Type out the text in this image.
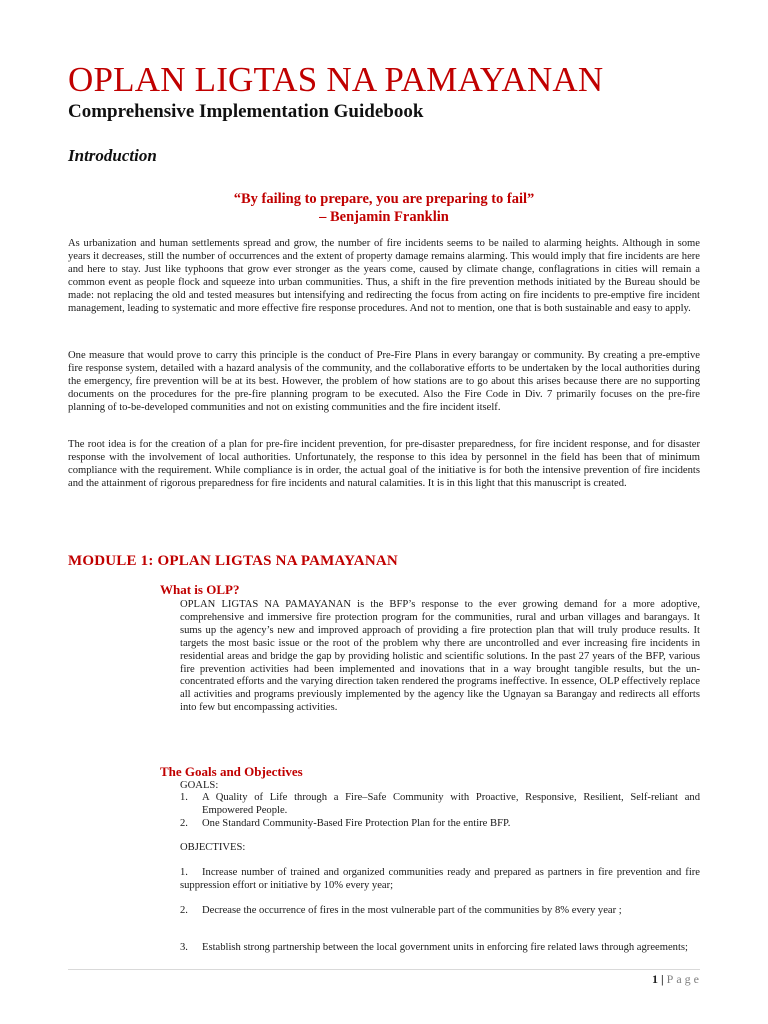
OPLAN LIGTAS NA PAMAYANAN
Comprehensive Implementation Guidebook
Introduction
“By failing to prepare, you are preparing to fail”
– Benjamin Franklin

As urbanization and human settlements spread and grow, the number of fire incidents seems to be nailed to alarming heights. Although in some years it decreases, still the number of occurrences and the extent of property damage remains alarming. This would imply that fire incidents are here and here to stay. Just like typhoons that grow ever stronger as the years come, caused by climate change, conflagrations in cities will remain a common event as people flock and squeeze into urban communities. Thus, a shift in the fire prevention methods initiated by the Bureau should be made: not replacing the old and tested measures but intensifying and redirecting the focus from acting on fire incidents to pre-emptive fire incident management, leading to systematic and more effective fire response procedures. And not to mention, one that is both sustainable and easy to apply.

One measure that would prove to carry this principle is the conduct of Pre-Fire Plans in every barangay or community. By creating a pre-emptive fire response system, detailed with a hazard analysis of the community, and the collaborative efforts to be undertaken by the local authorities during the emergency, fire prevention will be at its best. However, the problem of how stations are to go about this arises because there are no supporting documents on the procedures for the pre-fire planning program to be executed. Also the Fire Code in Div. 7 primarily focuses on the pre-fire planning of to-be-developed communities and not on existing communities and the fire incident itself.

The root idea is for the creation of a plan for pre-fire incident prevention, for pre-disaster preparedness, for fire incident response, and for disaster response with the involvement of local authorities. Unfortunately, the response to this idea by personnel in the field has been that of minimum compliance with the requirement. While compliance is in order, the actual goal of the initiative is for both the intensive prevention of fire incidents and the attainment of rigorous preparedness for fire incidents and natural calamities. It is in this light that this manuscript is created.

MODULE 1: OPLAN LIGTAS NA PAMAYANAN
What is OLP?

OPLAN LIGTAS NA PAMAYANAN is the BFP’s response to the ever growing demand for a more adoptive, comprehensive and immersive fire protection program for the communities, rural and urban villages and barangays. It sums up the agency’s new and improved approach of providing a fire protection plan that will truly produce results. It targets the most basic issue or the root of the problem why there are uncontrolled and ever increasing fire incidents in residential areas and bridge the gap by providing holistic and scientific solutions. In the past 27 years of the BFP, various fire prevention activities had been implemented and inovations that in a way brought tangible results, but the un-concentrated efforts and the varying direction taken rendered the programs ineffective. In essence, OLP effectively replace all activities and programs previously implemented by the agency like the Ugnayan sa Barangay and redirects all efforts into few but encompassing activities.

The Goals and Objectives
GOALS:
1.	A Quality of Life through a Fire–Safe Community with Proactive, Responsive, Resilient, Self-reliant and Empowered People.
2.	One Standard Community-Based Fire Protection Plan for the entire BFP.
OBJECTIVES:

1. Increase number of trained and organized communities ready and prepared as partners in fire prevention and fire suppression effort or initiative by 10% every year;

2. Decrease the occurrence of fires in the most vulnerable part of the communities by 8% every year ;

3. Establish strong partnership between the local government units in enforcing fire related laws through agreements;

1 | Page
